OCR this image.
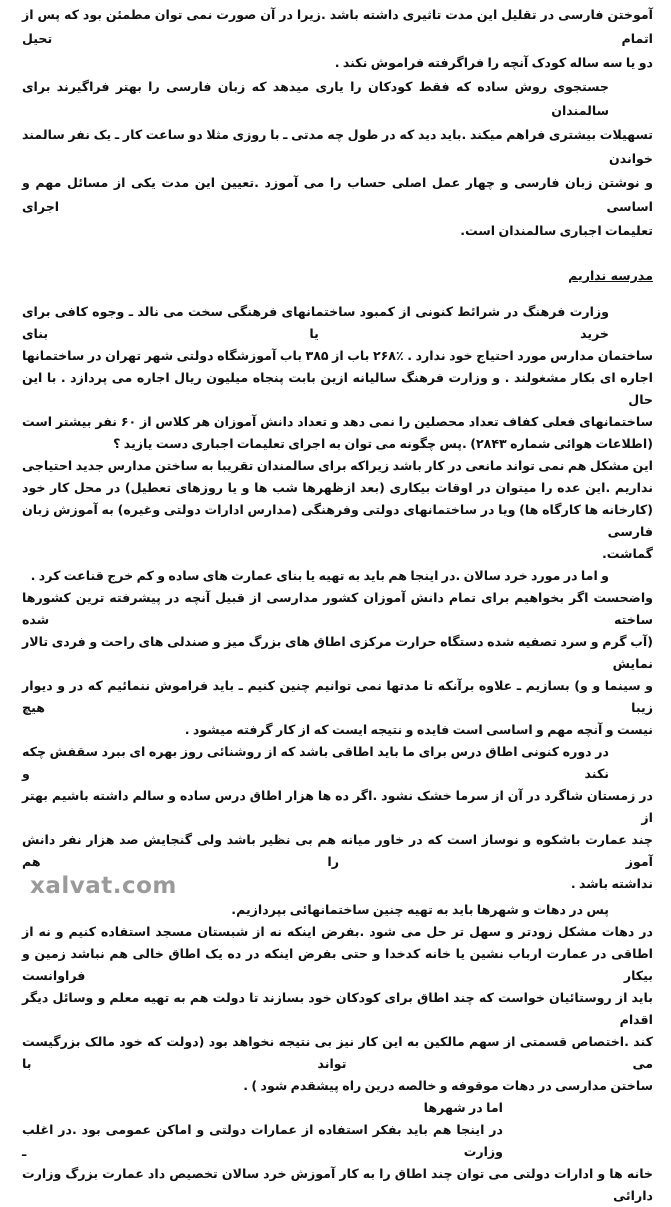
آموختن فارسی در تقلیل این مدت تاثیری داشته باشد .زیرا در آن صورت نمی توان مطمئن بود که پس از اتمام تحیل
دو یا سه ساله کودک آنچه را فراگرفته فراموش نکند .
جستجوی روش ساده که فقط کودکان را یاری میدهد که زبان فارسی را بهتر فراگیرند برای سالمندان
تسهیلات بیشتری فراهم میکند .باید دید که در طول چه مدتی ـ با روزی مثلا دو ساعت کار ـ یک نفر سالمند خواندن
و نوشتن زبان فارسی و چهار عمل اصلی حساب را می آموزد .تعیین این مدت یکی از مسائل مهم و اساسی اجرای
تعلیمات اجباری سالمندان است.
مدرسه نداریم
وزارت فرهنگ در شرائط کنونی از کمبود ساختمانهای فرهنگی سخت می نالد ـ وجوه کافی برای خرید یا بنای
ساختمان مدارس مورد احتیاج خود ندارد . ٪۲۶۸ باب از ۳۸۵ باب آموزشگاه دولتی شهر تهران در ساختمانها
اجاره ای بکار مشغولند . و وزارت فرهنگ سالیانه ازین بابت پنجاه میلیون ریال اجاره می پردازد . با این حال
ساختمانهای فعلی کفاف تعداد محصلین را نمی دهد و تعداد دانش آموزان هر کلاس از ۶۰ نفر بیشتر است
(اطلاعات هوائی شماره ۲۸۴۳) .پس چگونه می توان به اجرای تعلیمات اجباری دست یازید ؟
این مشکل هم نمی تواند مانعی در کار باشد زیراکه برای سالمندان تقریبا به ساختن مدارس جدید احتیاجی
نداریم .این عده را میتوان در اوقات بیکاری (بعد ازظهرها شب ها و یا روزهای تعطیل) در محل کار خود
(کارخانه ها کارگاه ها) ویا در ساختمانهای دولتی وفرهنگی (مدارس ادارات دولتی وغیره) به آموزش زبان فارسی
گماشت.
و اما در مورد خرد سالان .در اینجا هم باید به تهیه یا بنای عمارت های ساده و کم خرج قناعت کرد .
واضحست اگر بخواهیم برای تمام دانش آموزان کشور مدارسی از قبیل آنچه در پیشرفته ترین کشورها ساخته شده
(آب گرم و سرد تصفیه شده دستگاه حرارت مرکزی اطاق های بزرگ میز و صندلی های راحت و فردی تالار نمایش
و سینما و و) بسازیم ـ علاوه برآنکه تا مدتها نمی توانیم چنین کنیم ـ باید فراموش ننمائیم که در و دیوار زیبا هیچ
نیست و آنچه مهم و اساسی است فایده و نتیجه ایست که از کار گرفته میشود .
در دوره کنونی اطاق درس برای ما باید اطاقی باشد که از روشنائی روز بهره ای ببرد سقفش چکه نکند و
در زمستان شاگرد در آن از سرما خشک نشود .اگر ده ها هزار اطاق درس ساده و سالم داشته باشیم بهتر از
چند عمارت باشکوه و نوساز است که در خاور میانه هم بی نظیر باشد ولی گنجایش صد هزار نفر دانش آموز را هم
xalvat.com	نداشته باشد .
پس در دهات و شهرها باید به تهیه چنین ساختمانهائی بپردازیم.
در دهات مشکل زودتر و سهل تر حل می شود .بفرض اینکه نه از شبستان مسجد استفاده کنیم و نه از
اطاقی در عمارت ارباب نشین یا خانه کدخدا و حتی بفرض اینکه در ده یک اطاق خالی هم نباشد زمین و بیکار فراوانست
باید از روستائیان خواست که چند اطاق برای کودکان خود بسازند تا دولت هم به تهیه معلم و وسائل دیگر اقدام
کند .اختصاص قسمتی از سهم مالکین به این کار نیز بی نتیجه نخواهد بود (دولت که خود مالک بزرگیست می تواند با
ساختن مدارسی در دهات موقوفه و خالصه درین راه پیشقدم شود ) .
اما در شهرها
در اینجا هم باید بفکر استفاده از عمارات دولتی و اماکن عمومی بود .در اغلب وزارت ـ
خانه ها و ادارات دولتی می توان چند اطاق را به کار آموزش خرد سالان تخصیص داد عمارت بزرگ وزارت دارائی
